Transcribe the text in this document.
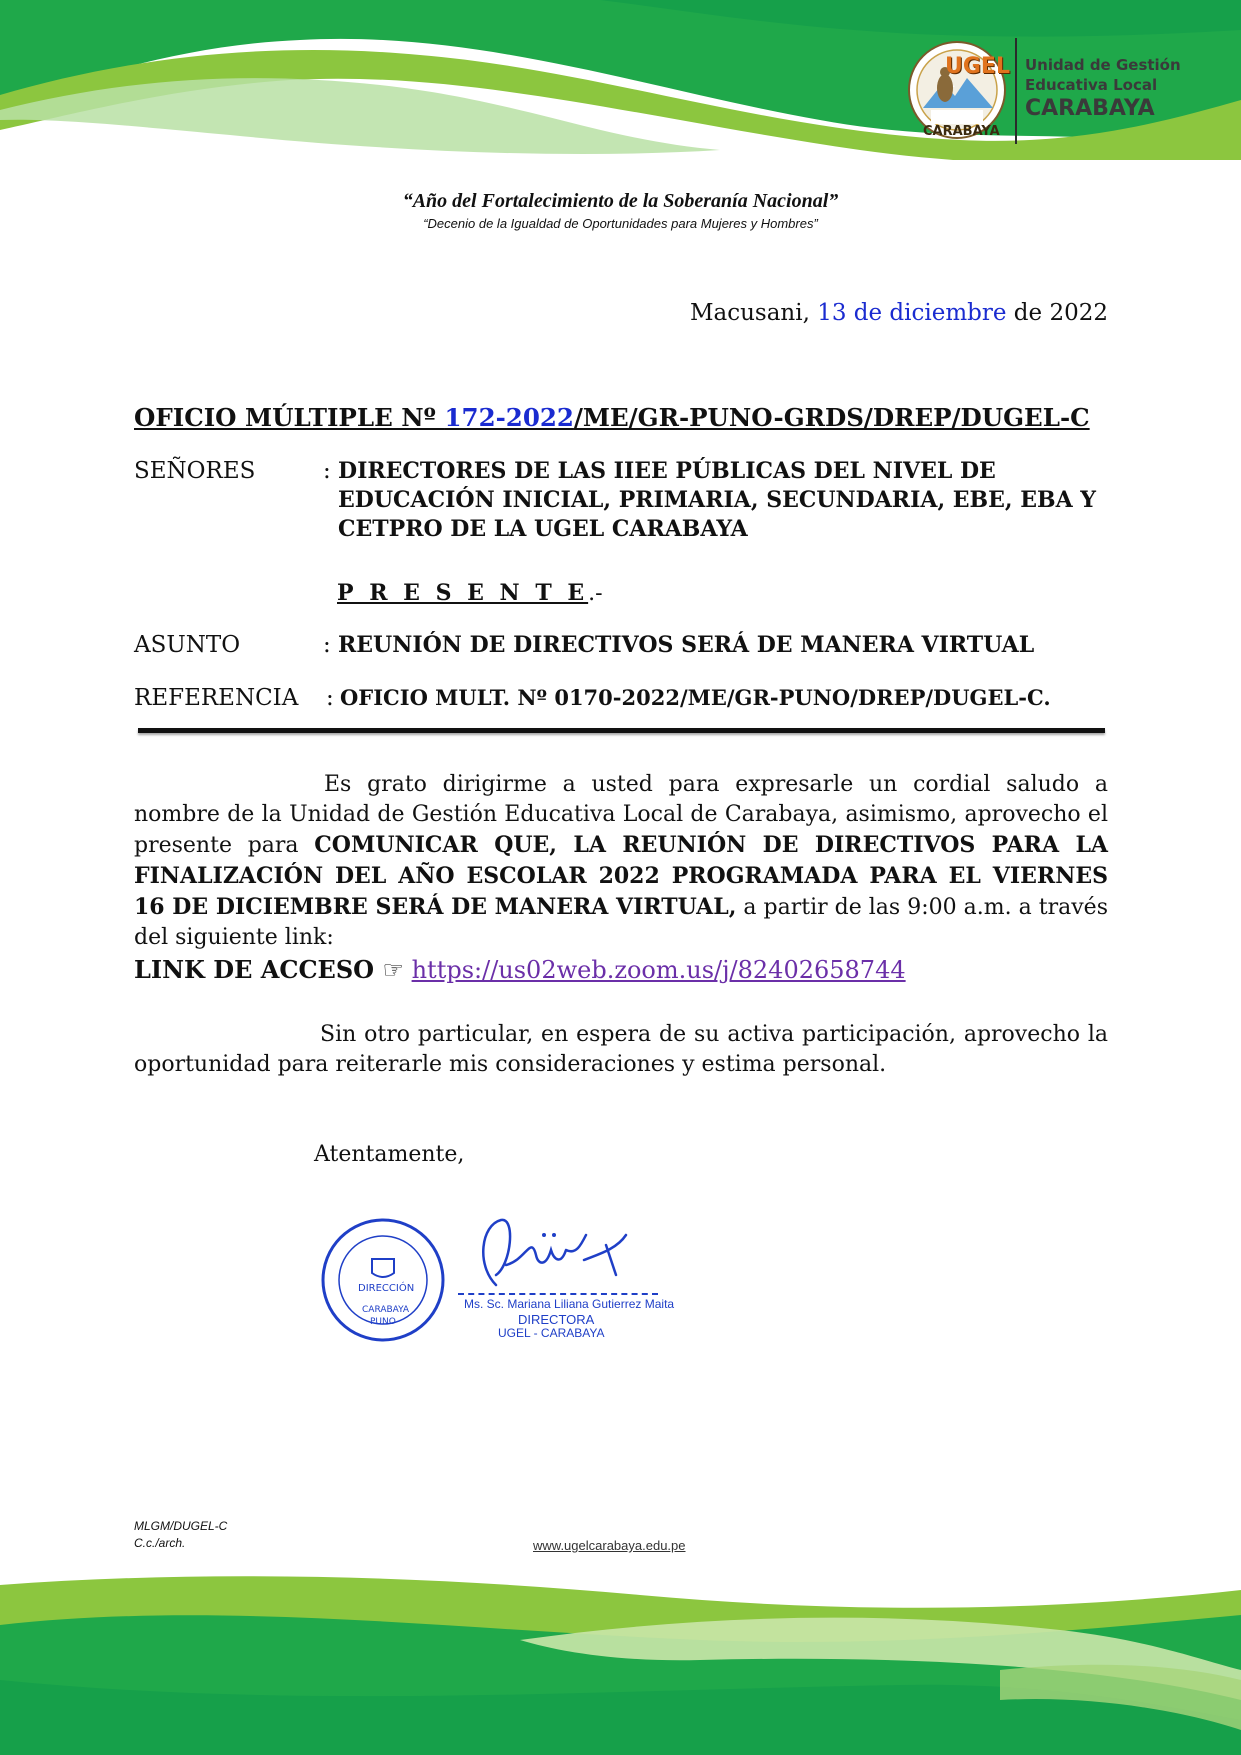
UGEL
CARABAYA
Unidad de Gestión
Educativa Local
CARABAYA
“Año del Fortalecimiento de la Soberanía Nacional”
“Decenio de la Igualdad de Oportunidades para Mujeres y Hombres”
Macusani, 13 de diciembre de 2022
OFICIO MÚLTIPLE Nº 172-2022/ME/GR-PUNO-GRDS/DREP/DUGEL-C
SEÑORES	: DIRECTORES DE LAS IIEE PÚBLICAS DEL NIVEL DE
EDUCACIÓN INICIAL, PRIMARIA, SECUNDARIA, EBE, EBA Y
CETPRO DE LA UGEL CARABAYA
P R E S E N T E.-
ASUNTO	: REUNIÓN DE DIRECTIVOS SERÁ DE MANERA VIRTUAL
REFERENCIA : OFICIO MULT. Nº 0170-2022/ME/GR-PUNO/DREP/DUGEL-C.
Es grato dirigirme a usted para expresarle un cordial saludo a nombre de la Unidad de Gestión Educativa Local de Carabaya, asimismo, aprovecho el presente para COMUNICAR QUE, LA REUNIÓN DE DIRECTIVOS PARA LA FINALIZACIÓN DEL AÑO ESCOLAR 2022 PROGRAMADA PARA EL VIERNES 16 DE DICIEMBRE SERÁ DE MANERA VIRTUAL, a partir de las 9:00 a.m. a través del siguiente link:
LINK DE ACCESO ☞ https://us02web.zoom.us/j/82402658744
Sin otro particular, en espera de su activa participación, aprovecho la oportunidad para reiterarle mis consideraciones y estima personal.
Atentamente,
DIRECCIÓN
CARABAYA
PUNO
Ms. Sc. Mariana Liliana Gutierrez Maita
DIRECTORA
UGEL - CARABAYA
MLGM/DUGEL-C
C.c./arch.	www.ugelcarabaya.edu.pe
